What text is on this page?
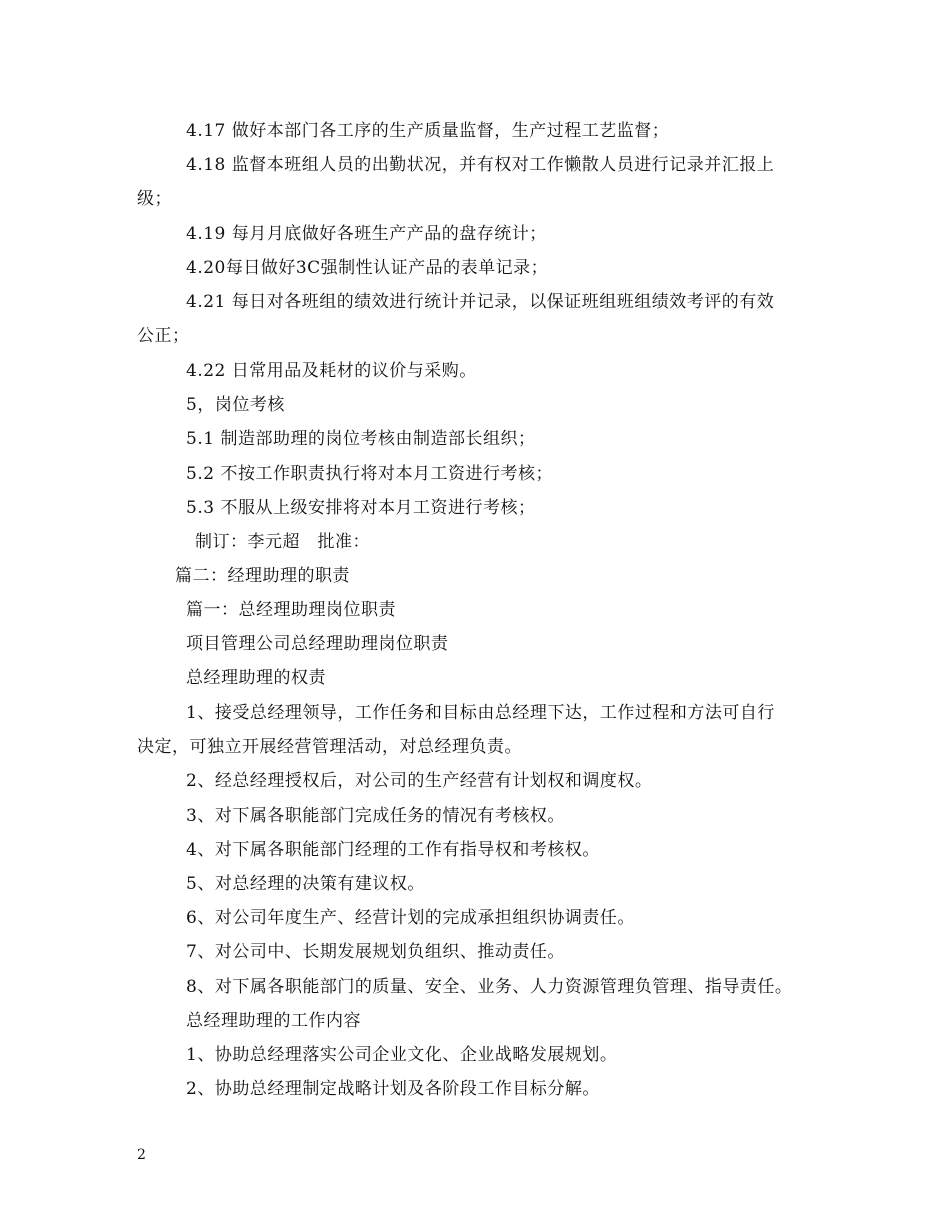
4.17 做好本部门各工序的生产质量监督，生产过程工艺监督；
4.18 监督本班组人员的出勤状况，并有权对工作懒散人员进行记录并汇报上
级；
4.19 每月月底做好各班生产产品的盘存统计；
4.20每日做好3C强制性认证产品的表单记录；
4.21 每日对各班组的绩效进行统计并记录，以保证班组班组绩效考评的有效
公正；
4.22 日常用品及耗材的议价与采购。
5，岗位考核
5.1 制造部助理的岗位考核由制造部长组织；
5.2 不按工作职责执行将对本月工资进行考核；
5.3 不服从上级安排将对本月工资进行考核；
制订：李元超　批准：
篇二：经理助理的职责
篇一：总经理助理岗位职责
项目管理公司总经理助理岗位职责
总经理助理的权责
1、接受总经理领导，工作任务和目标由总经理下达，工作过程和方法可自行
决定，可独立开展经营管理活动，对总经理负责。
2、经总经理授权后，对公司的生产经营有计划权和调度权。
3、对下属各职能部门完成任务的情况有考核权。
4、对下属各职能部门经理的工作有指导权和考核权。
5、对总经理的决策有建议权。
6、对公司年度生产、经营计划的完成承担组织协调责任。
7、对公司中、长期发展规划负组织、推动责任。
8、对下属各职能部门的质量、安全、业务、人力资源管理负管理、指导责任。
总经理助理的工作内容
1、协助总经理落实公司企业文化、企业战略发展规划。
2、协助总经理制定战略计划及各阶段工作目标分解。
2
